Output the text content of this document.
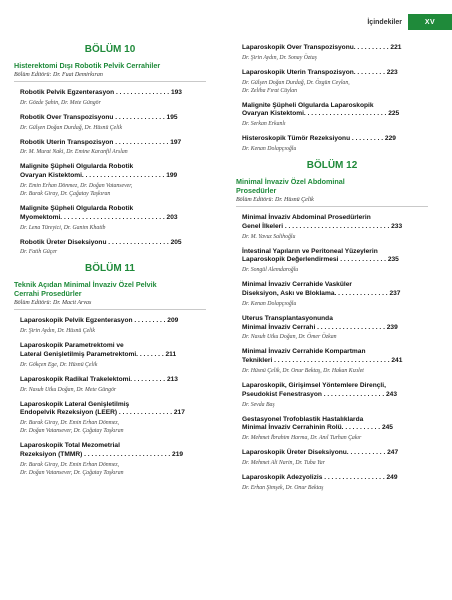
İçindekiler	XV
BÖLÜM 10
Histerektomi Dışı Robotik Pelvik Cerrahiler
Bölüm Editörü: Dr. Fuat Demirkıran
Robotik Pelvik Egzenterasyon . . . . . . . . . . . . . . . 193
Dr. Gözde Şahin, Dr. Mete Güngör
Robotik Over Transpozisyonu . . . . . . . . . . . . . . 195
Dr. Gülşen Doğan Durdağ, Dr. Hüsnü Çelik
Robotik Uterin Transpozisyon . . . . . . . . . . . . . . . 197
Dr. M. Murat Naki, Dr. Emine Karanfil Arslan
Malignite Şüpheli Olgularda Robotik
Ovaryan Kistektomi. . . . . . . . . . . . . . . . . . . . . . . 199
Dr. Emin Erhan Dönmez, Dr. Doğan Vatansever,
Dr. Burak Giray, Dr. Çağatay Taşkıran
Malignite Şüpheli Olgularda Robotik
Myomektomi. . . . . . . . . . . . . . . . . . . . . . . . . . . . . 203
Dr. Lena Türeyici, Dr. Ganim Khatib
Robotik Üreter Diseksiyonu . . . . . . . . . . . . . . . . . 205
Dr. Fatih Güçer
BÖLÜM 11
Teknik Açıdan Minimal İnvaziv Özel Pelvik
Cerrahi Prosedürler
Bölüm Editörü: Dr. Macit Arvas
Laparoskopik Pelvik Egzenterasyon . . . . . . . . . 209
Dr. Şirin Aydın, Dr. Hüsnü Çelik
Laparoskopik Parametrektomi ve
Lateral Genişletilmiş Parametrektomi. . . . . . . . 211
Dr. Gökçen Ege, Dr. Hüsnü Çelik
Laparoskopik Radikal Trakelektomi. . . . . . . . . . 213
Dr. Nasuh Utku Doğan, Dr. Mete Güngör
Laparoskopik Lateral Genişletilmiş
Endopelvik Rezeksiyon (LEER) . . . . . . . . . . . . . . . 217
Dr. Burak Giray, Dr. Emin Erhan Dönmez,
Dr. Doğan Vatansever, Dr. Çağatay Taşkıran
Laparoskopik Total Mezometrial
Rezeksiyon (TMMR) . . . . . . . . . . . . . . . . . . . . . . . . 219
Dr. Burak Giray, Dr. Emin Erhan Dönmez,
Dr. Doğan Vatansever, Dr. Çağatay Taşkıran
Laparoskopik Over Transpozisyonu. . . . . . . . . . 221
Dr. Şirin Aydın, Dr. Sonay Öztaş
Laparoskopik Uterin Transpozisyon. . . . . . . . . 223
Dr. Gülşen Doğan Durdağ, Dr. Özgün Ceylan,
Dr. Zeliha Fırat Cüylan
Malignite Şüpheli Olgularda Laparoskopik
Ovaryan Kistektomi. . . . . . . . . . . . . . . . . . . . . . . 225
Dr. Serkan Erkanlı
Histeroskopik Tümör Rezeksiyonu . . . . . . . . . 229
Dr. Kenan Dolapçıoğlu
BÖLÜM 12
Minimal İnvaziv Özel Abdominal
Prosedürler
Bölüm Editörü: Dr. Hüsnü Çelik
Minimal İnvaziv Abdominal Prosedürlerin
Genel İlkeleri . . . . . . . . . . . . . . . . . . . . . . . . . . . . . 233
Dr. M. Yavuz Salihoğlu
İntestinal Yapıların ve Peritoneal Yüzeylerin
Laparoskopik Değerlendirmesi . . . . . . . . . . . . . 235
Dr. Songül Alemdaroğlu
Minimal İnvaziv Cerrahide Vasküler
Diseksiyon, Askı ve Bloklama. . . . . . . . . . . . . . . 237
Dr. Kenan Dolapçıoğlu
Uterus Transplantasyonunda
Minimal İnvaziv Cerrahi . . . . . . . . . . . . . . . . . . . 239
Dr. Nasuh Utku Doğan, Dr. Ömer Özkan
Minimal İnvaziv Cerrahide Kompartman
Teknikleri . . . . . . . . . . . . . . . . . . . . . . . . . . . . . . . . 241
Dr. Hüsnü Çelik, Dr. Onur Bektaş, Dr. Hakan Kızılet
Laparoskopik, Girişimsel Yöntemlere Dirençli,
Pseudokist Fenestrasyon . . . . . . . . . . . . . . . . . 243
Dr. Sevda Baş
Gestasyonel Trofoblastik Hastalıklarda
Minimal İnvaziv Cerrahinin Rolü. . . . . . . . . . . 245
Dr. Mehmet İbrahim Harma, Dr. Anıl Turhan Çakır
Laparoskopik Üreter Diseksiyonu. . . . . . . . . . . 247
Dr. Mehmet Ali Narin, Dr. Tuba Yar
Laparoskopik Adezyolizis . . . . . . . . . . . . . . . . . 249
Dr. Erhan Şimşek, Dr. Onur Bektaş
